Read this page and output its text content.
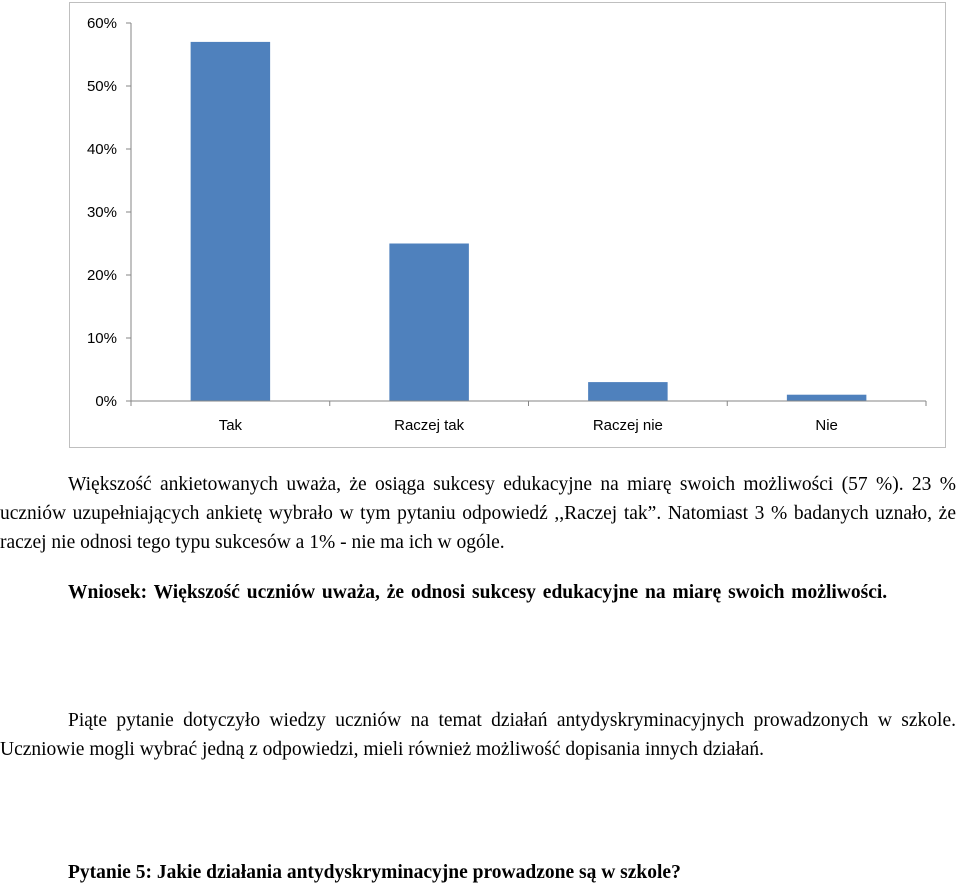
0%
10%
20%
30%
40%
50%
60%
Tak	Raczej tak	Raczej nie	Nie

Większość ankietowanych uważa, że osiąga sukcesy edukacyjne na miarę swoich możliwości (57 %). 23 % uczniów uzupełniających ankietę wybrało w tym pytaniu odpowiedź ,,Raczej tak”. Natomiast 3 % badanych uznało, że raczej nie odnosi tego typu sukcesów a 1% - nie ma ich w ogóle.

Wniosek: Większość uczniów uważa, że odnosi sukcesy edukacyjne na miarę swoich możliwości.

Piąte pytanie dotyczyło wiedzy uczniów na temat działań antydyskryminacyjnych prowadzonych w szkole. Uczniowie mogli wybrać jedną z odpowiedzi, mieli również możliwość dopisania innych działań.

Pytanie 5: Jakie działania antydyskryminacyjne prowadzone są w szkole?
